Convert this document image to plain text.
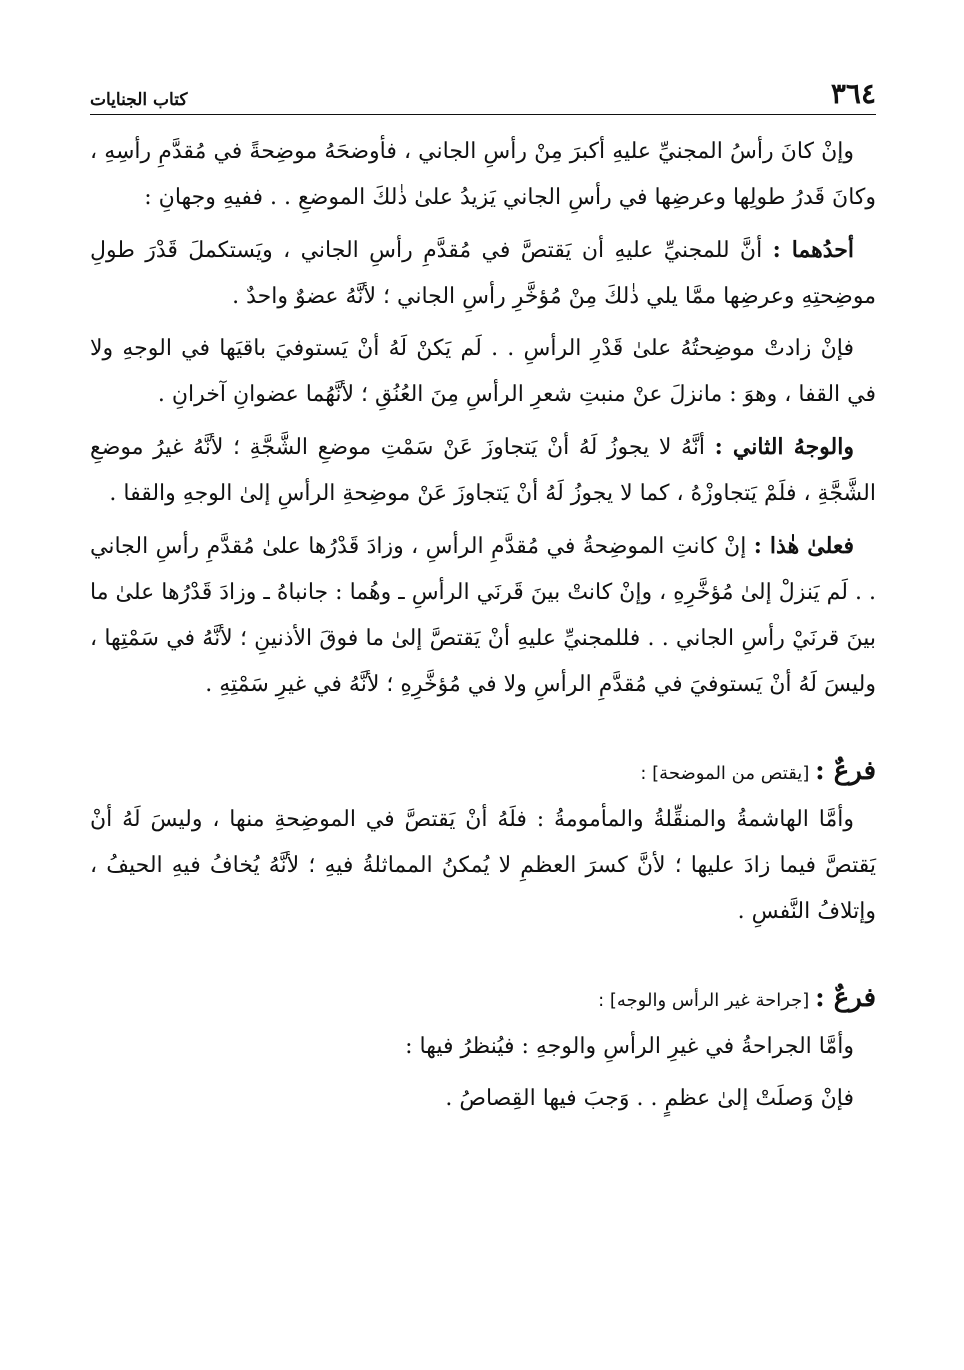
٣٦٤
كتاب الجنايات

وإنْ كانَ رأسُ المجنيِّ عليهِ أكبرَ مِنْ رأسِ الجاني ، فأوضحَهُ موضِحةً في مُقدَّمِ رأسِهِ ، وكانَ قَدرُ طولِها وعرضِها في رأسِ الجاني يَزيدُ علىٰ ذٰلكَ الموضعِ . . ففيهِ وجهانِ :

أحدُهما : أنَّ للمجنيِّ عليهِ أن يَقتصَّ في مُقدَّمِ رأسِ الجاني ، ويَستكملَ قَدْرَ طولِ موضِحتِهِ وعرضِها ممَّا يلي ذٰلكَ مِنْ مُؤخَّرِ رأسِ الجاني ؛ لأنَّهُ عضوٌ واحدٌ .

فإنْ زادتْ موضِحتُهُ علىٰ قَدْرِ الرأسِ . . لَم يَكنْ لَهُ أنْ يَستوفيَ باقيَها في الوجهِ ولا في القفا ، وهوَ : مانزلَ عنْ منبتِ شعرِ الرأسِ مِنَ العُنُقِ ؛ لأنَّهُما عضوانِ آخرانِ .

والوجهُ الثاني : أنَّهُ لا يجوزُ لَهُ أنْ يَتجاوزَ عَنْ سَمْتِ موضعِ الشَّجَّةِ ؛ لأنَّهُ غيرُ موضعِ الشَّجَّةِ ، فلَمْ يَتجاوزْهُ ، كما لا يجوزُ لَهُ أنْ يَتجاوزَ عَنْ موضِحةِ الرأسِ إلىٰ الوجهِ والقفا .

فعلىٰ هٰذا : إنْ كانتِ الموضِحةُ في مُقدَّمِ الرأسِ ، وزادَ قَدْرُها علىٰ مُقدَّمِ رأسِ الجاني . . لَم يَنزلْ إلىٰ مُؤخَّرِهِ ، وإنْ كانتْ بينَ قَرنَي الرأسِ ـ وهُما : جانباهُ ـ وزادَ قَدْرُها علىٰ ما بينَ قرنَيْ رأسِ الجاني . . فللمجنيِّ عليهِ أنْ يَقتصَّ إلىٰ ما فوقَ الأذنينِ ؛ لأنَّهُ في سَمْتِها ، وليسَ لَهُ أنْ يَستوفيَ في مُقدَّمِ الرأسِ ولا في مُؤخَّرِهِ ؛ لأنَّهُ في غيرِ سَمْتِهِ .

فرعٌ : [يقتص من الموضحة] :

وأمَّا الهاشمةُ والمنقِّلةُ والمأمومةُ : فلَهُ أنْ يَقتصَّ في الموضِحةِ منها ، وليسَ لَهُ أنْ يَقتصَّ فيما زادَ عليها ؛ لأنَّ كسرَ العظمِ لا يُمكنُ المماثلةُ فيهِ ؛ لأنَّهُ يُخافُ فيهِ الحيفُ ، وإتلافُ النَّفسِ .

فرعٌ : [جراحة غير الرأس والوجه] :

وأمَّا الجراحةُ في غيرِ الرأسِ والوجهِ : فيُنظرُ فيها :

فإنْ وَصلَتْ إلىٰ عظمٍ . . وَجبَ فيها القِصاصُ .
